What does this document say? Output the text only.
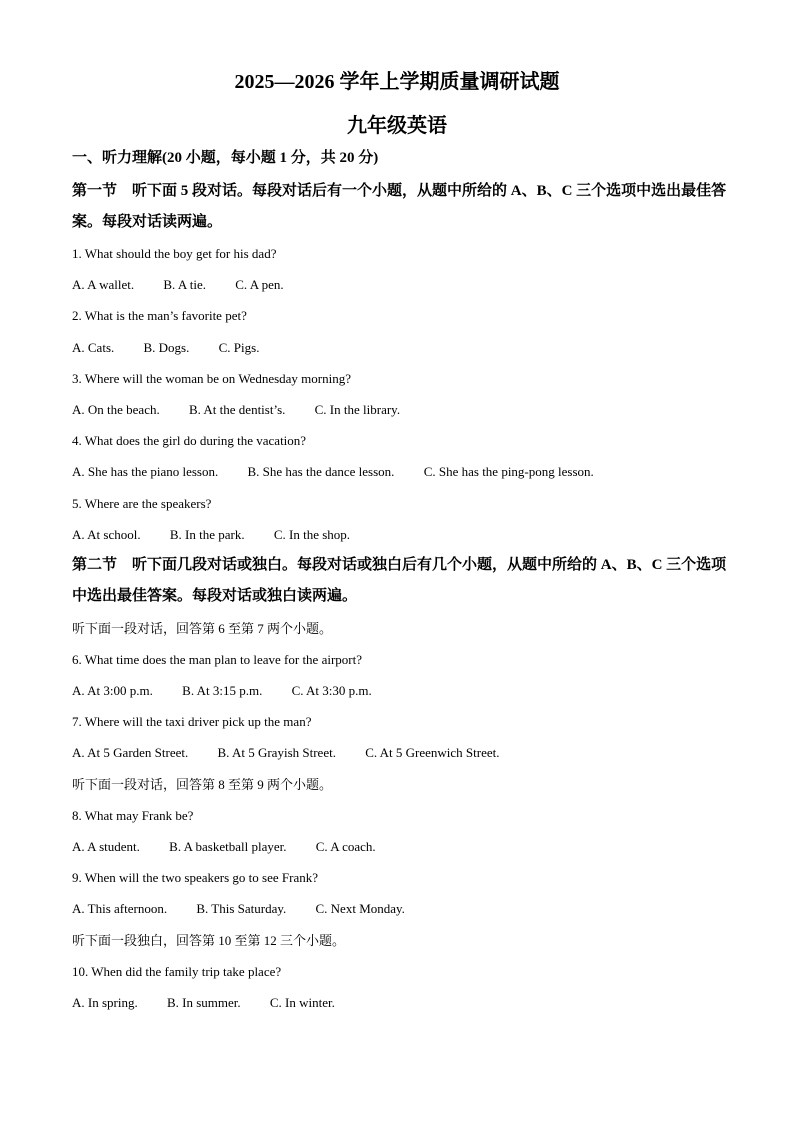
2025—2026 学年上学期质量调研试题
九年级英语
一、听力理解(20 小题，每小题 1 分，共 20 分)
第一节　听下面 5 段对话。每段对话后有一个小题，从题中所给的 A、B、C 三个选项中选出最佳答案。每段对话读两遍。
1. What should the boy get for his dad?
A. A wallet. B. A tie. C. A pen.
2. What is the man’s favorite pet?
A. Cats. B. Dogs. C. Pigs.
3. Where will the woman be on Wednesday morning?
A. On the beach. B. At the dentist’s. C. In the library.
4. What does the girl do during the vacation?
A. She has the piano lesson. B. She has the dance lesson. C. She has the ping-pong lesson.
5. Where are the speakers?
A. At school. B. In the park. C. In the shop.
第二节　听下面几段对话或独白。每段对话或独白后有几个小题，从题中所给的 A、B、C 三个选项中选出最佳答案。每段对话或独白读两遍。
听下面一段对话，回答第 6 至第 7 两个小题。
6. What time does the man plan to leave for the airport?
A. At 3:00 p.m. B. At 3:15 p.m. C. At 3:30 p.m.
7. Where will the taxi driver pick up the man?
A. At 5 Garden Street. B. At 5 Grayish Street. C. At 5 Greenwich Street.
听下面一段对话，回答第 8 至第 9 两个小题。
8. What may Frank be?
A. A student. B. A basketball player. C. A coach.
9. When will the two speakers go to see Frank?
A. This afternoon. B. This Saturday. C. Next Monday.
听下面一段独白，回答第 10 至第 12 三个小题。
10. When did the family trip take place?
A. In spring. B. In summer. C. In winter.
